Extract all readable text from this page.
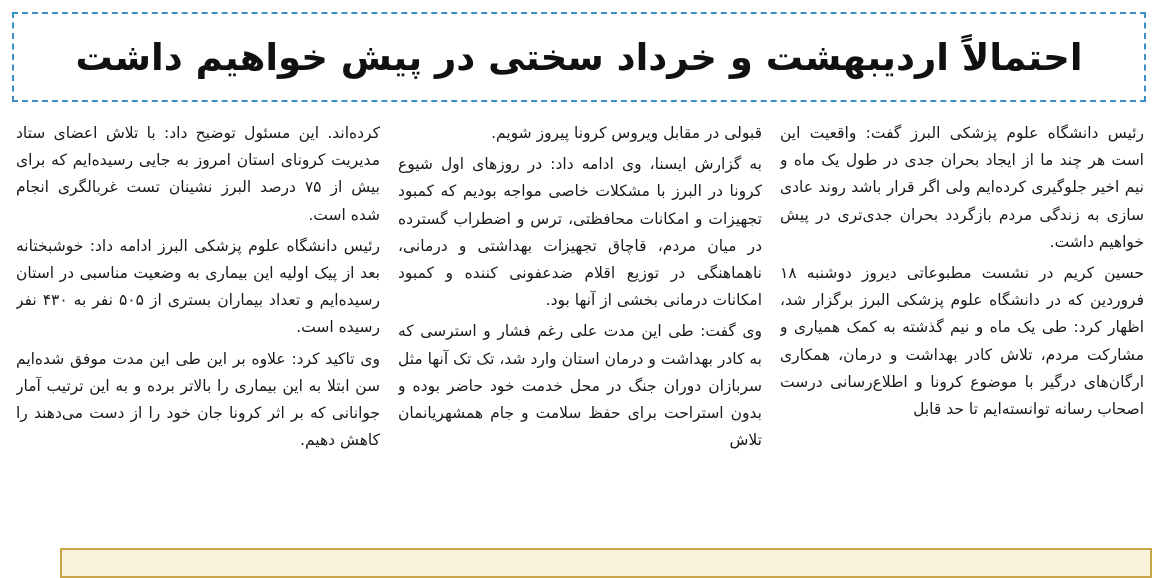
احتمالاً اردیبهشت و خرداد سختی در پیش خواهیم داشت

رئیس دانشگاه علوم پزشکی البرز گفت: واقعیت این است هر چند ما از ایجاد بحران جدی در طول یک ماه و نیم اخیر جلوگیری کرده‌ایم ولی اگر قرار باشد روند عادی سازی به زندگی مردم بازگردد بحران جدی‌تری در پیش خواهیم داشت.

حسین کریم در نشست مطبوعاتی دیروز دوشنبه ۱۸ فروردین که در دانشگاه علوم پزشکی البرز برگزار شد، اظهار کرد: طی یک ماه و نیم گذشته به کمک همیاری و مشارکت مردم، تلاش کادر بهداشت و درمان، همکاری ارگان‌های درگیر با موضوع کرونا و اطلاع‌رسانی درست اصحاب رسانه توانسته‌ایم تا حد قابل

قبولی در مقابل ویروس کرونا پیروز شویم.

به گزارش ایسنا، وی ادامه داد: در روزهای اول شیوع کرونا در البرز با مشکلات خاصی مواجه بودیم که کمبود تجهیزات و امکانات محافظتی، ترس و اضطراب گسترده در میان مردم، قاچاق تجهیزات بهداشتی و درمانی، ناهماهنگی در توزیع اقلام ضدعفونی کننده و کمبود امکانات درمانی بخشی از آنها بود.

وی گفت: طی این مدت علی رغم فشار و استرسی که به کادر بهداشت و درمان استان وارد شد، تک تک آنها مثل سربازان دوران جنگ در محل خدمت خود حاضر بوده و بدون استراحت برای حفظ سلامت و جام همشهریانمان تلاش

کرده‌اند. این مسئول توضیح داد: با تلاش اعضای ستاد مدیریت کرونای استان امروز به جایی رسیده‌ایم که برای بیش از ۷۵ درصد البرز نشینان تست غربالگری انجام شده است.

رئیس دانشگاه علوم پزشکی البرز ادامه داد: خوشبختانه بعد از پیک اولیه این بیماری به وضعیت مناسبی در استان رسیده‌ایم و تعداد بیماران بستری از ۵۰۵ نفر به ۴۳۰ نفر رسیده است.

وی تاکید کرد: علاوه بر این طی این مدت موفق شده‌ایم سن ابتلا به این بیماری را بالاتر برده و به این ترتیب آمار جوانانی که بر اثر کرونا جان خود را از دست می‌دهند را کاهش دهیم.
